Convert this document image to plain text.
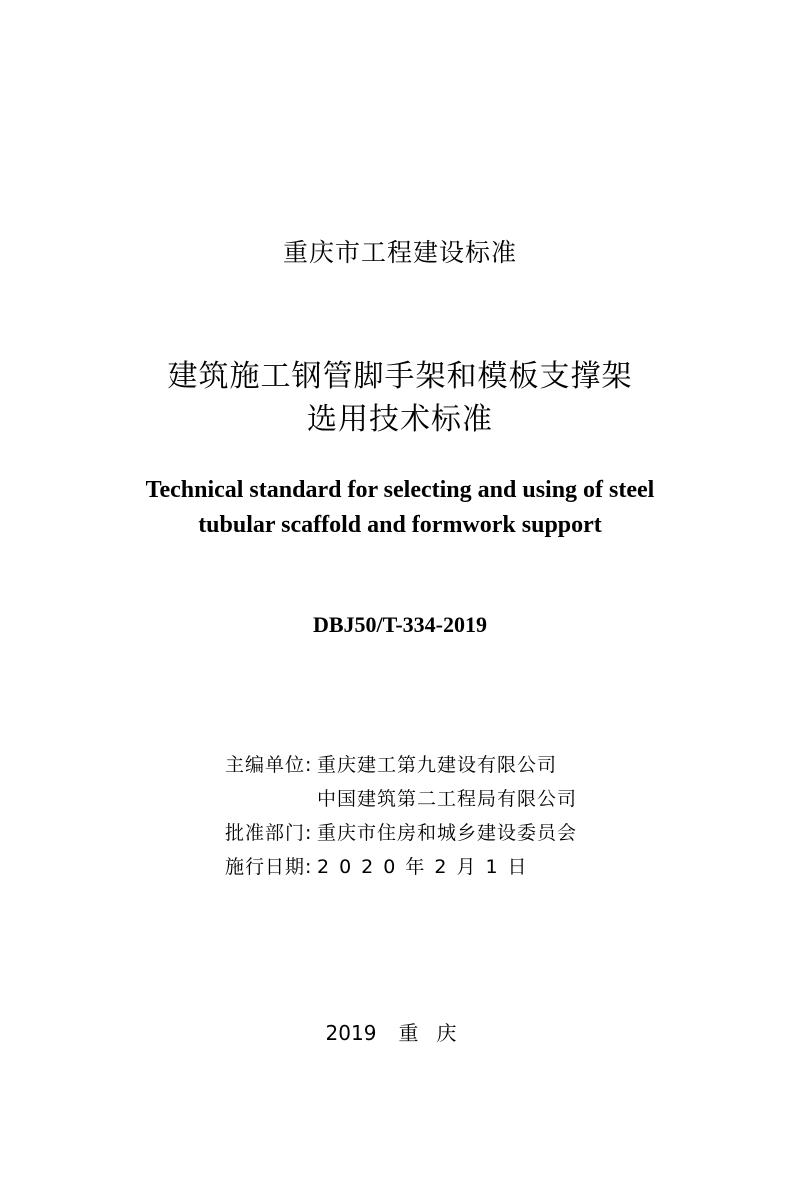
重庆市工程建设标准
建筑施工钢管脚手架和模板支撑架
选用技术标准
Technical standard for selecting and using of steel
tubular scaffold and formwork support
DBJ50/T-334-2019
主编单位: 重庆建工第九建设有限公司
中国建筑第二工程局有限公司
批准部门: 重庆市住房和城乡建设委员会
施行日期: 2020年2月1日
2019 重庆
